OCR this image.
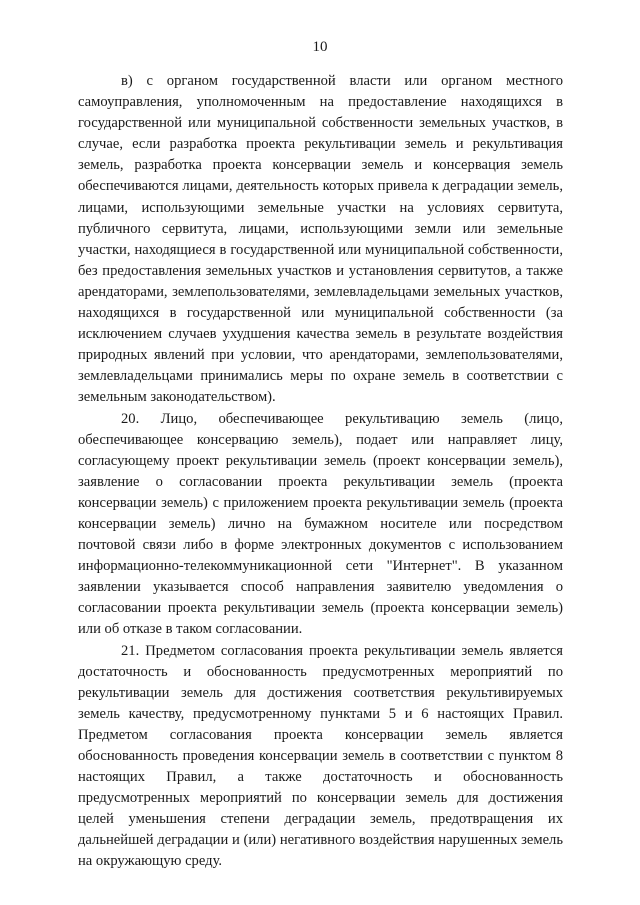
10

в) с органом государственной власти или органом местного самоуправления, уполномоченным на предоставление находящихся в государственной или муниципальной собственности земельных участков, в случае, если разработка проекта рекультивации земель и рекультивация земель, разработка проекта консервации земель и консервация земель обеспечиваются лицами, деятельность которых привела к деградации земель, лицами, использующими земельные участки на условиях сервитута, публичного сервитута, лицами, использующими земли или земельные участки, находящиеся в государственной или муниципальной собственности, без предоставления земельных участков и установления сервитутов, а также арендаторами, землепользователями, землевладельцами земельных участков, находящихся в государственной или муниципальной собственности (за исключением случаев ухудшения качества земель в результате воздействия природных явлений при условии, что арендаторами, землепользователями, землевладельцами принимались меры по охране земель в соответствии с земельным законодательством).

20. Лицо, обеспечивающее рекультивацию земель (лицо, обеспечивающее консервацию земель), подает или направляет лицу, согласующему проект рекультивации земель (проект консервации земель), заявление о согласовании проекта рекультивации земель (проекта консервации земель) с приложением проекта рекультивации земель (проекта консервации земель) лично на бумажном носителе или посредством почтовой связи либо в форме электронных документов с использованием информационно-телекоммуникационной сети "Интернет". В указанном заявлении указывается способ направления заявителю уведомления о согласовании проекта рекультивации земель (проекта консервации земель) или об отказе в таком согласовании.

21. Предметом согласования проекта рекультивации земель является достаточность и обоснованность предусмотренных мероприятий по рекультивации земель для достижения соответствия рекультивируемых земель качеству, предусмотренному пунктами 5 и 6 настоящих Правил. Предметом согласования проекта консервации земель является обоснованность проведения консервации земель в соответствии с пунктом 8 настоящих Правил, а также достаточность и обоснованность предусмотренных мероприятий по консервации земель для достижения целей уменьшения степени деградации земель, предотвращения их дальнейшей деградации и (или) негативного воздействия нарушенных земель на окружающую среду.
